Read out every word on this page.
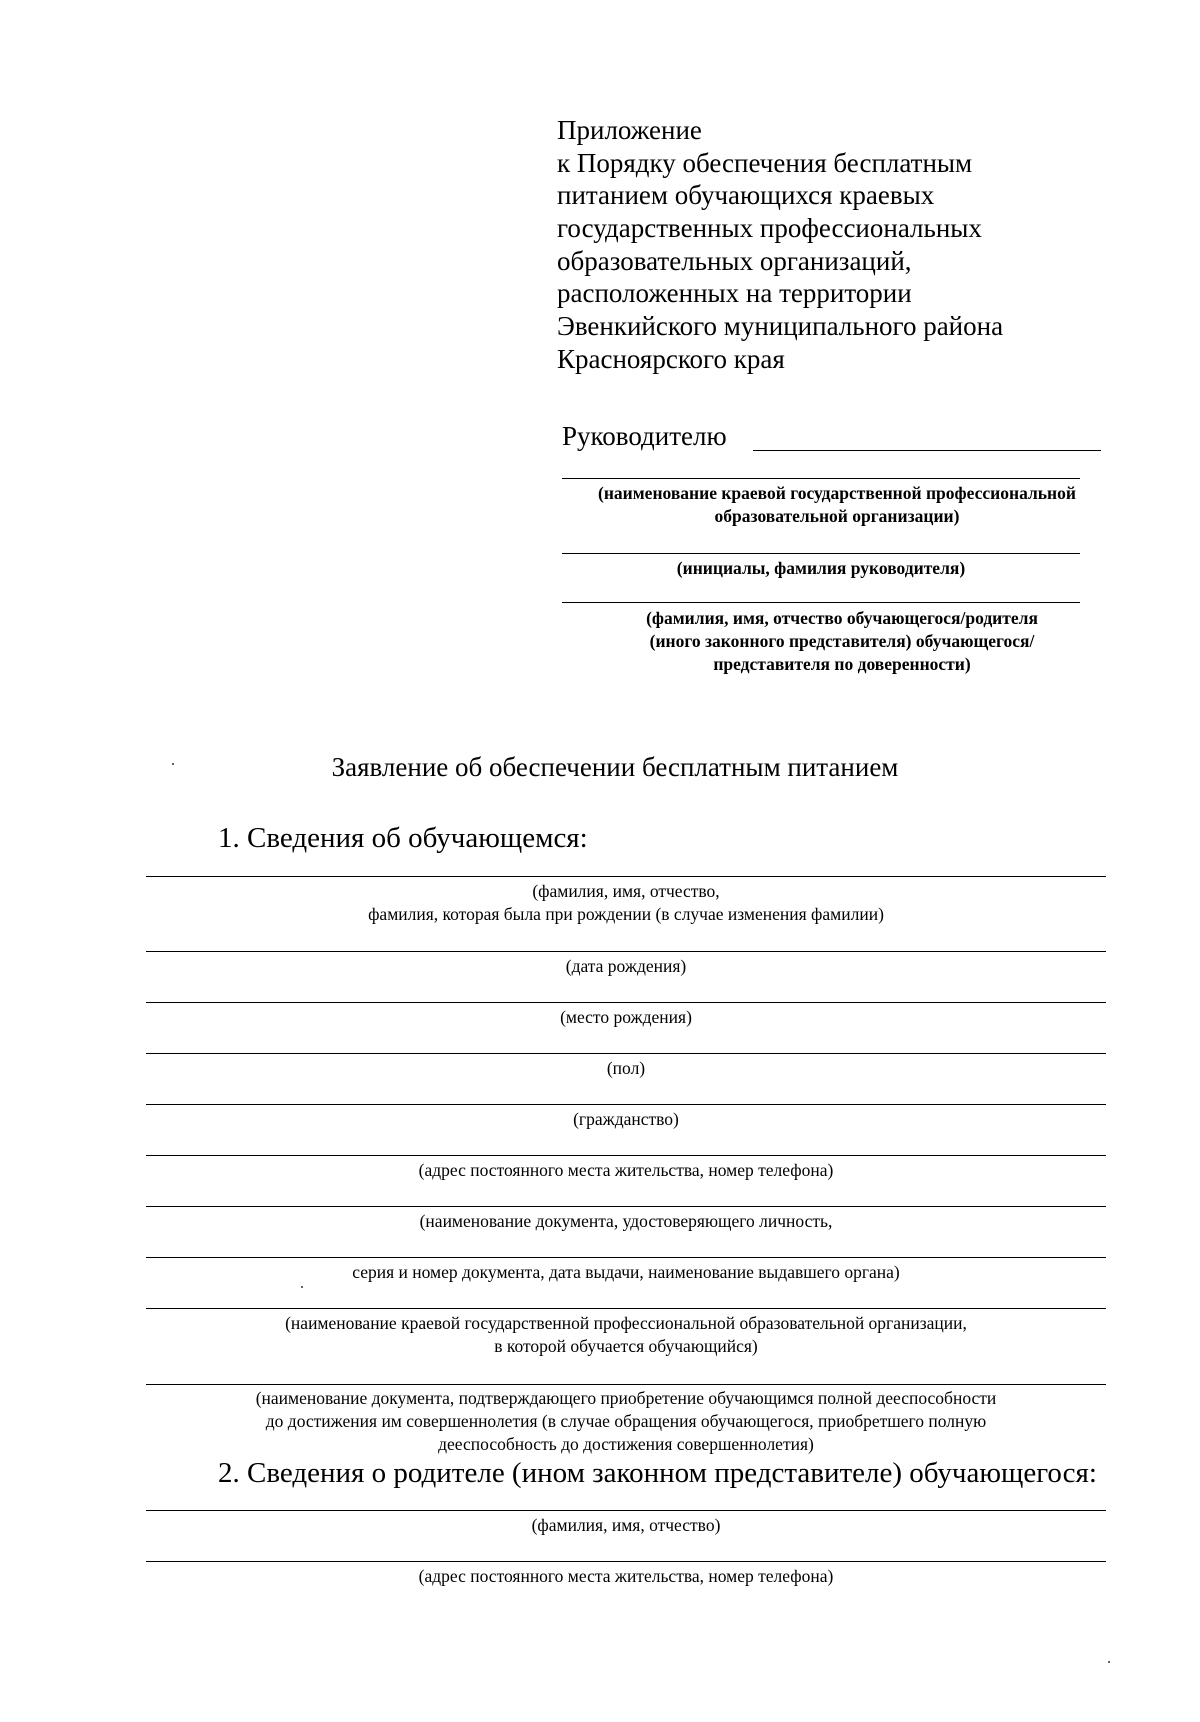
Приложение
к Порядку обеспечения бесплатным
питанием обучающихся краевых
государственных профессиональных
образовательных организаций,
расположенных на территории
Эвенкийского муниципального района
Красноярского края
Руководителю
(наименование краевой государственной профессиональной
образовательной организации)
(инициалы, фамилия руководителя)
(фамилия, имя, отчество обучающегося/родителя
(иного законного представителя) обучающегося/
представителя по доверенности)
Заявление об обеспечении бесплатным питанием
1. Сведения об обучающемся:
(фамилия, имя, отчество,
фамилия, которая была при рождении (в случае изменения фамилии)
(дата рождения)
(место рождения)
(пол)
(гражданство)
(адрес постоянного места жительства, номер телефона)
(наименование документа, удостоверяющего личность,
серия и номер документа, дата выдачи, наименование выдавшего органа)
(наименование краевой государственной профессиональной образовательной организации,
в которой обучается обучающийся)
(наименование документа, подтверждающего приобретение обучающимся полной дееспособности
до достижения им совершеннолетия (в случае обращения обучающегося, приобретшего полную
дееспособность до достижения совершеннолетия)
2. Сведения о родителе (ином законном представителе) обучающегося:
(фамилия, имя, отчество)
(адрес постоянного места жительства, номер телефона)
